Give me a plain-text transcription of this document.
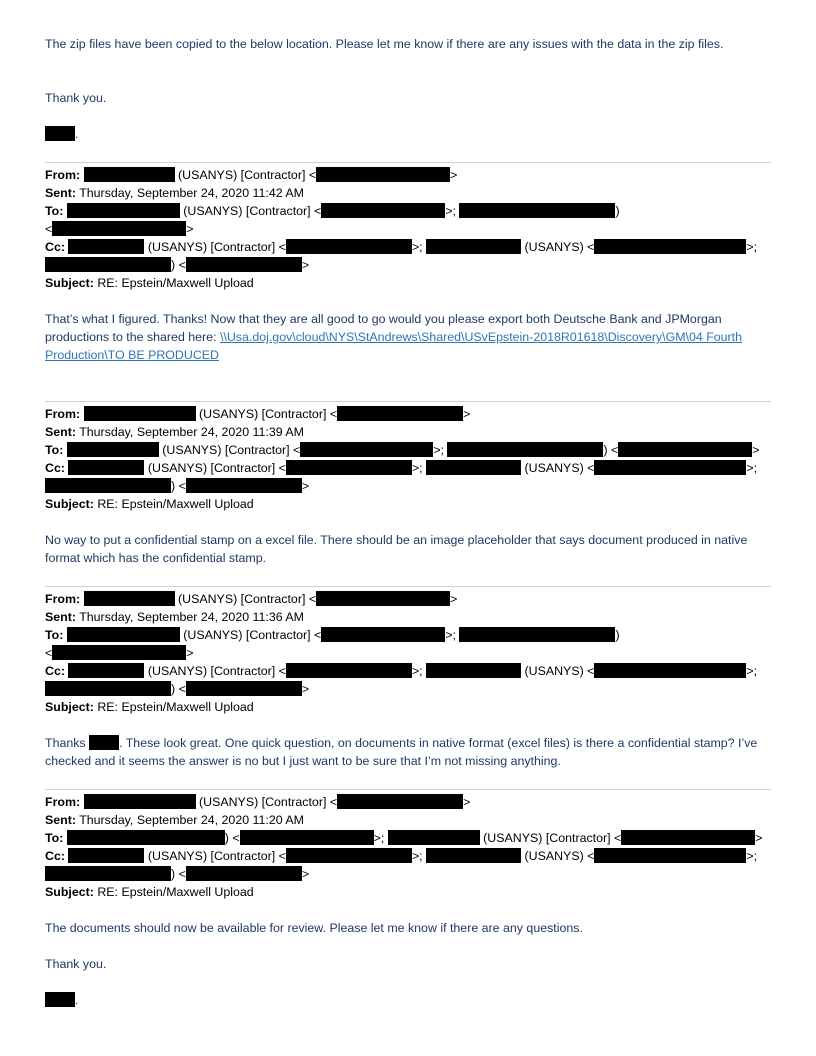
The zip files have been copied to the below location. Please let me know if there are any issues with the data in the zip files.
Thank you.
.
From:	(USANYS) [Contractor] <	>
Sent: Thursday, September 24, 2020 11:42 AM
To:	(USANYS) [Contractor] <	>;	)
<	>
Cc:	(USANYS) [Contractor] <	>;	(USANYS) <	>;
) <	>
Subject: RE: Epstein/Maxwell Upload
That’s what I figured. Thanks! Now that they are all good to go would you please export both Deutsche Bank and JPMorgan productions to the shared here: \\Usa.doj.gov\cloud\NYS\StAndrews\Shared\USvEpstein-2018R01618\Discovery\GM\04 Fourth Production\TO BE PRODUCED
From:	(USANYS) [Contractor] <	>
Sent: Thursday, September 24, 2020 11:39 AM
To:	(USANYS) [Contractor] <	>;	) <	>
Cc:	(USANYS) [Contractor] <	>;	(USANYS) <	>;
) <	>
Subject: RE: Epstein/Maxwell Upload
No way to put a confidential stamp on a excel file. There should be an image placeholder that says document produced in native format which has the confidential stamp.
From:	(USANYS) [Contractor] <	>
Sent: Thursday, September 24, 2020 11:36 AM
To:	(USANYS) [Contractor] <	>;	)
<	>
Cc:	(USANYS) [Contractor] <	>;	(USANYS) <	>;
) <	>
Subject: RE: Epstein/Maxwell Upload
Thanks . These look great. One quick question, on documents in native format (excel files) is there a confidential stamp? I’ve checked and it seems the answer is no but I just want to be sure that I’m not missing anything.
From:	(USANYS) [Contractor] <	>
Sent: Thursday, September 24, 2020 11:20 AM
To:	) <	>;	(USANYS) [Contractor] <	>
Cc:	(USANYS) [Contractor] <	>;	(USANYS) <	>;
) <	>
Subject: RE: Epstein/Maxwell Upload
The documents should now be available for review. Please let me know if there are any questions.
Thank you.
.
